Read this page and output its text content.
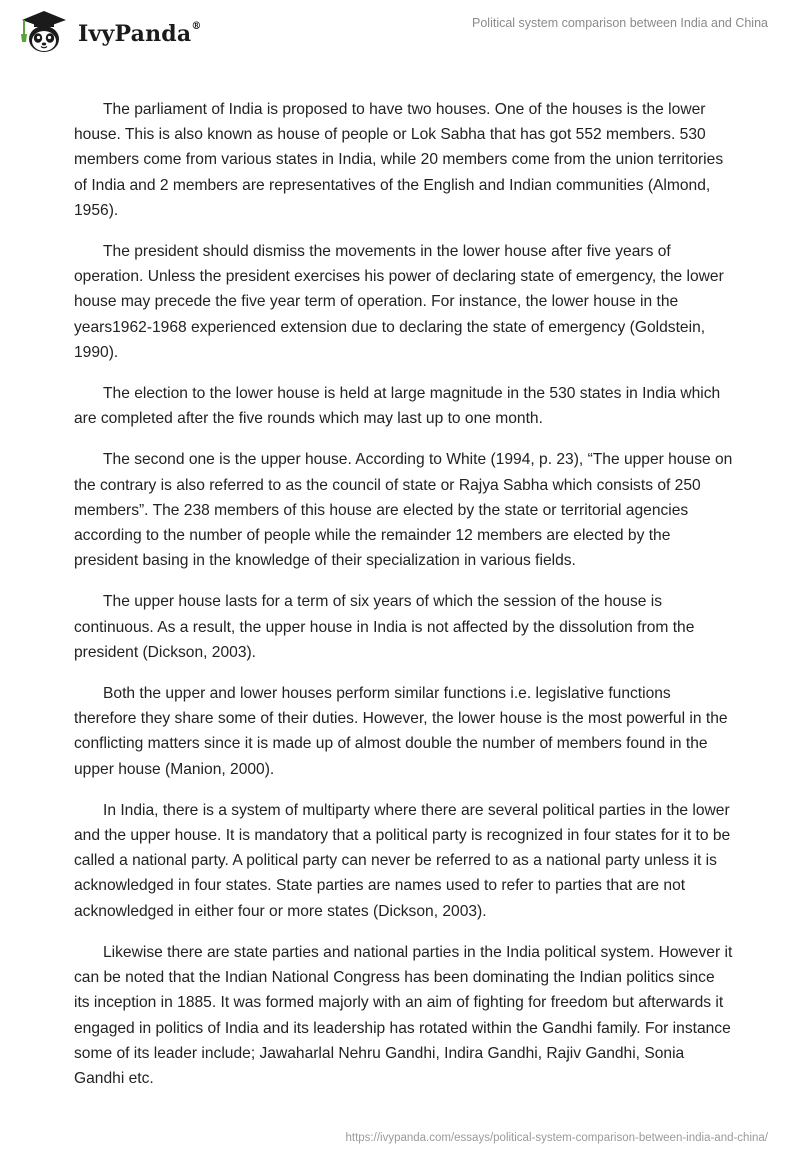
IvyPanda®	Political system comparison between India and China

The parliament of India is proposed to have two houses. One of the houses is the lower house. This is also known as house of people or Lok Sabha that has got 552 members. 530 members come from various states in India, while 20 members come from the union territories of India and 2 members are representatives of the English and Indian communities (Almond, 1956).

The president should dismiss the movements in the lower house after five years of operation. Unless the president exercises his power of declaring state of emergency, the lower house may precede the five year term of operation. For instance, the lower house in the years1962-1968 experienced extension due to declaring the state of emergency (Goldstein, 1990).

The election to the lower house is held at large magnitude in the 530 states in India which are completed after the five rounds which may last up to one month.

The second one is the upper house. According to White (1994, p. 23), “The upper house on the contrary is also referred to as the council of state or Rajya Sabha which consists of 250 members”. The 238 members of this house are elected by the state or territorial agencies according to the number of people while the remainder 12 members are elected by the president basing in the knowledge of their specialization in various fields.

The upper house lasts for a term of six years of which the session of the house is continuous. As a result, the upper house in India is not affected by the dissolution from the president (Dickson, 2003).

Both the upper and lower houses perform similar functions i.e. legislative functions therefore they share some of their duties. However, the lower house is the most powerful in the conflicting matters since it is made up of almost double the number of members found in the upper house (Manion, 2000).

In India, there is a system of multiparty where there are several political parties in the lower and the upper house. It is mandatory that a political party is recognized in four states for it to be called a national party. A political party can never be referred to as a national party unless it is acknowledged in four states. State parties are names used to refer to parties that are not acknowledged in either four or more states (Dickson, 2003).

Likewise there are state parties and national parties in the India political system. However it can be noted that the Indian National Congress has been dominating the Indian politics since its inception in 1885. It was formed majorly with an aim of fighting for freedom but afterwards it engaged in politics of India and its leadership has rotated within the Gandhi family. For instance some of its leader include; Jawaharlal Nehru Gandhi, Indira Gandhi, Rajiv Gandhi, Sonia Gandhi etc.

https://ivypanda.com/essays/political-system-comparison-between-india-and-china/
